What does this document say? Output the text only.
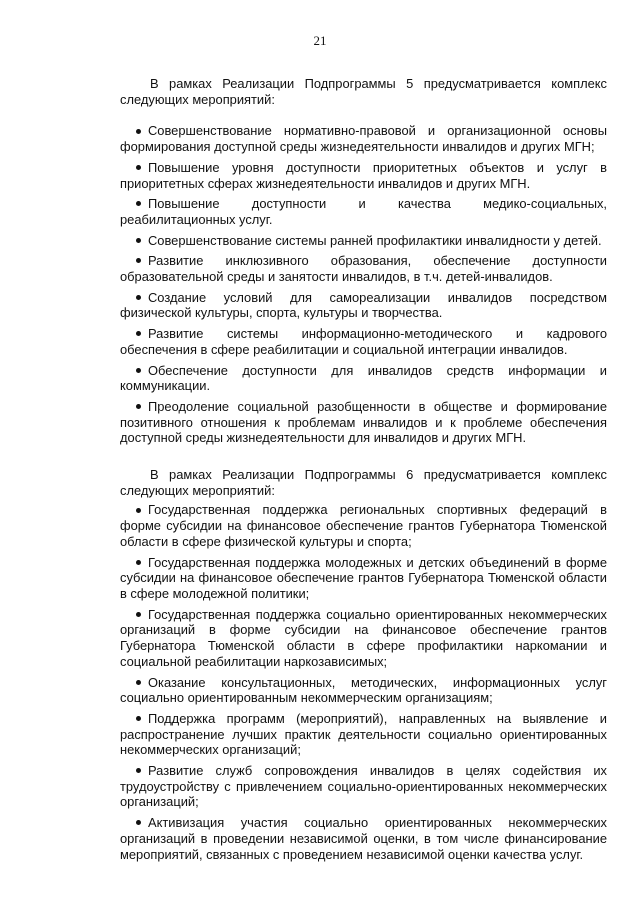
21

В рамках Реализации Подпрограммы 5 предусматривается комплекс следующих мероприятий:

Совершенствование нормативно-правовой и организационной основы формирования доступной среды жизнедеятельности инвалидов и других МГН;
Повышение уровня доступности приоритетных объектов и услуг в приоритетных сферах жизнедеятельности инвалидов и других МГН.
Повышение доступности и качества медико-социальных, реабилитационных услуг.
Совершенствование системы ранней профилактики инвалидности у детей.
Развитие инклюзивного образования, обеспечение доступности образовательной среды и занятости инвалидов, в т.ч. детей-инвалидов.
Создание условий для самореализации инвалидов посредством физической культуры, спорта, культуры и творчества.
Развитие системы информационно-методического и кадрового обеспечения в сфере реабилитации и социальной интеграции инвалидов.
Обеспечение доступности для инвалидов средств информации и коммуникации.
Преодоление социальной разобщенности в обществе и формирование позитивного отношения к проблемам инвалидов и к проблеме обеспечения доступной среды жизнедеятельности для инвалидов и других МГН.

В рамках Реализации Подпрограммы 6 предусматривается комплекс следующих мероприятий:

Государственная поддержка региональных спортивных федераций в форме субсидии на финансовое обеспечение грантов Губернатора Тюменской области в сфере физической культуры и спорта;
Государственная поддержка молодежных и детских объединений в форме субсидии на финансовое обеспечение грантов Губернатора Тюменской области в сфере молодежной политики;
Государственная поддержка социально ориентированных некоммерческих организаций в форме субсидии на финансовое обеспечение грантов Губернатора Тюменской области в сфере профилактики наркомании и социальной реабилитации наркозависимых;
Оказание консультационных, методических, информационных услуг социально ориентированным некоммерческим организациям;
Поддержка программ (мероприятий), направленных на выявление и распространение лучших практик деятельности социально ориентированных некоммерческих организаций;
Развитие служб сопровождения инвалидов в целях содействия их трудоустройству с привлечением социально-ориентированных некоммерческих организаций;
Активизация участия социально ориентированных некоммерческих организаций в проведении независимой оценки, в том числе финансирование мероприятий, связанных с проведением независимой оценки качества услуг.
